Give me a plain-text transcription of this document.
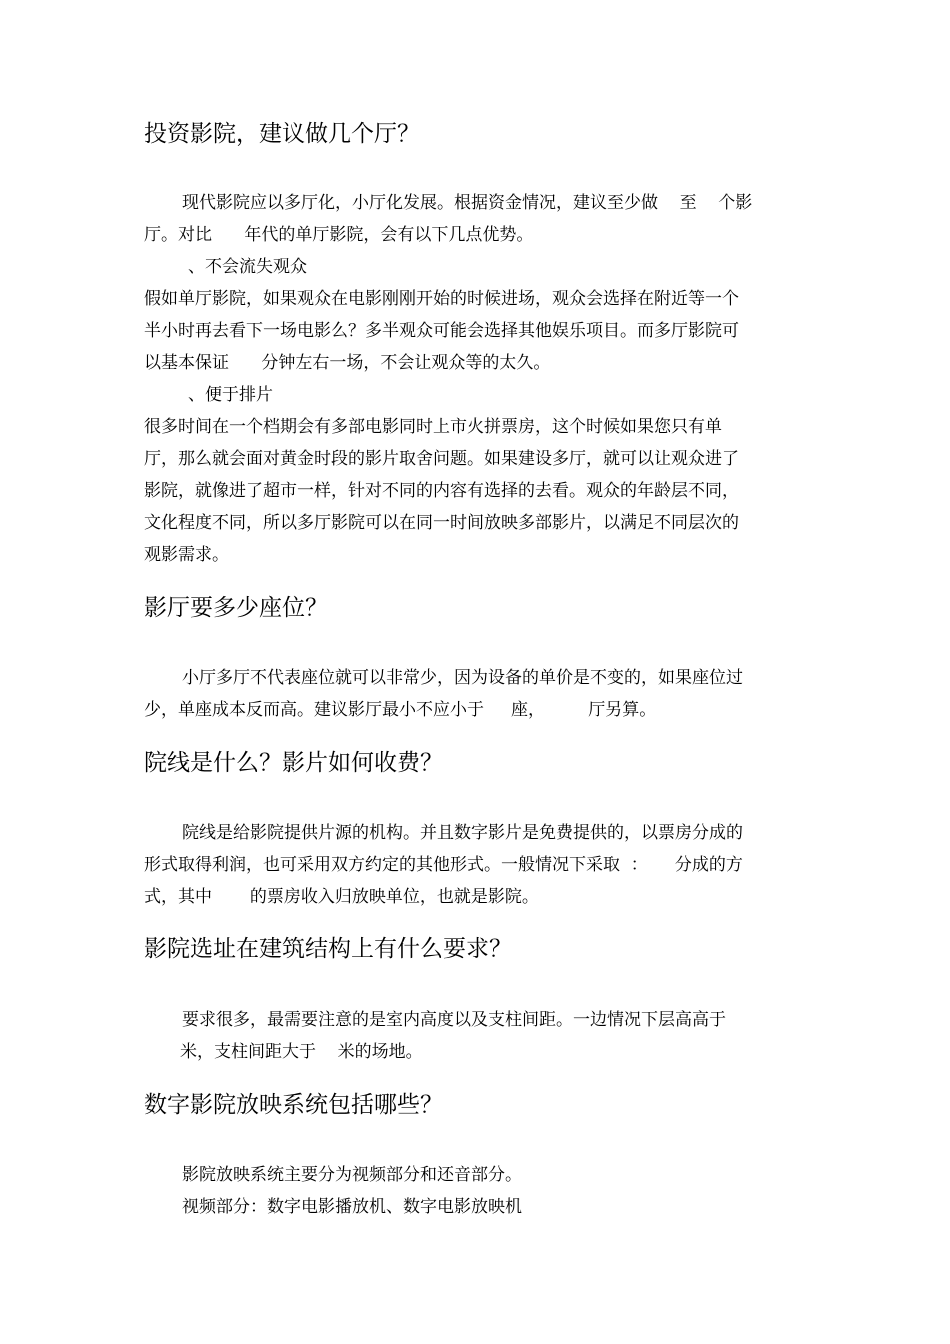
投资影院，建议做几个厅？
现代影院应以多厅化，小厅化发展。根据资金情况，建议至少做    至    个影
厅。对比      年代的单厅影院，会有以下几点优势。
、不会流失观众
假如单厅影院，如果观众在电影刚刚开始的时候进场，观众会选择在附近等一个
半小时再去看下一场电影么？多半观众可能会选择其他娱乐项目。而多厅影院可
以基本保证      分钟左右一场，不会让观众等的太久。
、便于排片
很多时间在一个档期会有多部电影同时上市火拼票房，这个时候如果您只有单
厅，那么就会面对黄金时段的影片取舍问题。如果建设多厅，就可以让观众进了
影院，就像进了超市一样，针对不同的内容有选择的去看。观众的年龄层不同，
文化程度不同，所以多厅影院可以在同一时间放映多部影片，以满足不同层次的
观影需求。
影厅要多少座位？
小厅多厅不代表座位就可以非常少，因为设备的单价是不变的，如果座位过
少，单座成本反而高。建议影厅最小不应小于     座，        厅另算。
院线是什么？影片如何收费？
院线是给影院提供片源的机构。并且数字影片是免费提供的，以票房分成的
形式取得利润，也可采用双方约定的其他形式。一般情况下采取  ：     分成的方
式，其中       的票房收入归放映单位，也就是影院。
影院选址在建筑结构上有什么要求？
要求很多，最需要注意的是室内高度以及支柱间距。一边情况下层高高于
米，支柱间距大于    米的场地。
数字影院放映系统包括哪些？
影院放映系统主要分为视频部分和还音部分。
视频部分：数字电影播放机、数字电影放映机
